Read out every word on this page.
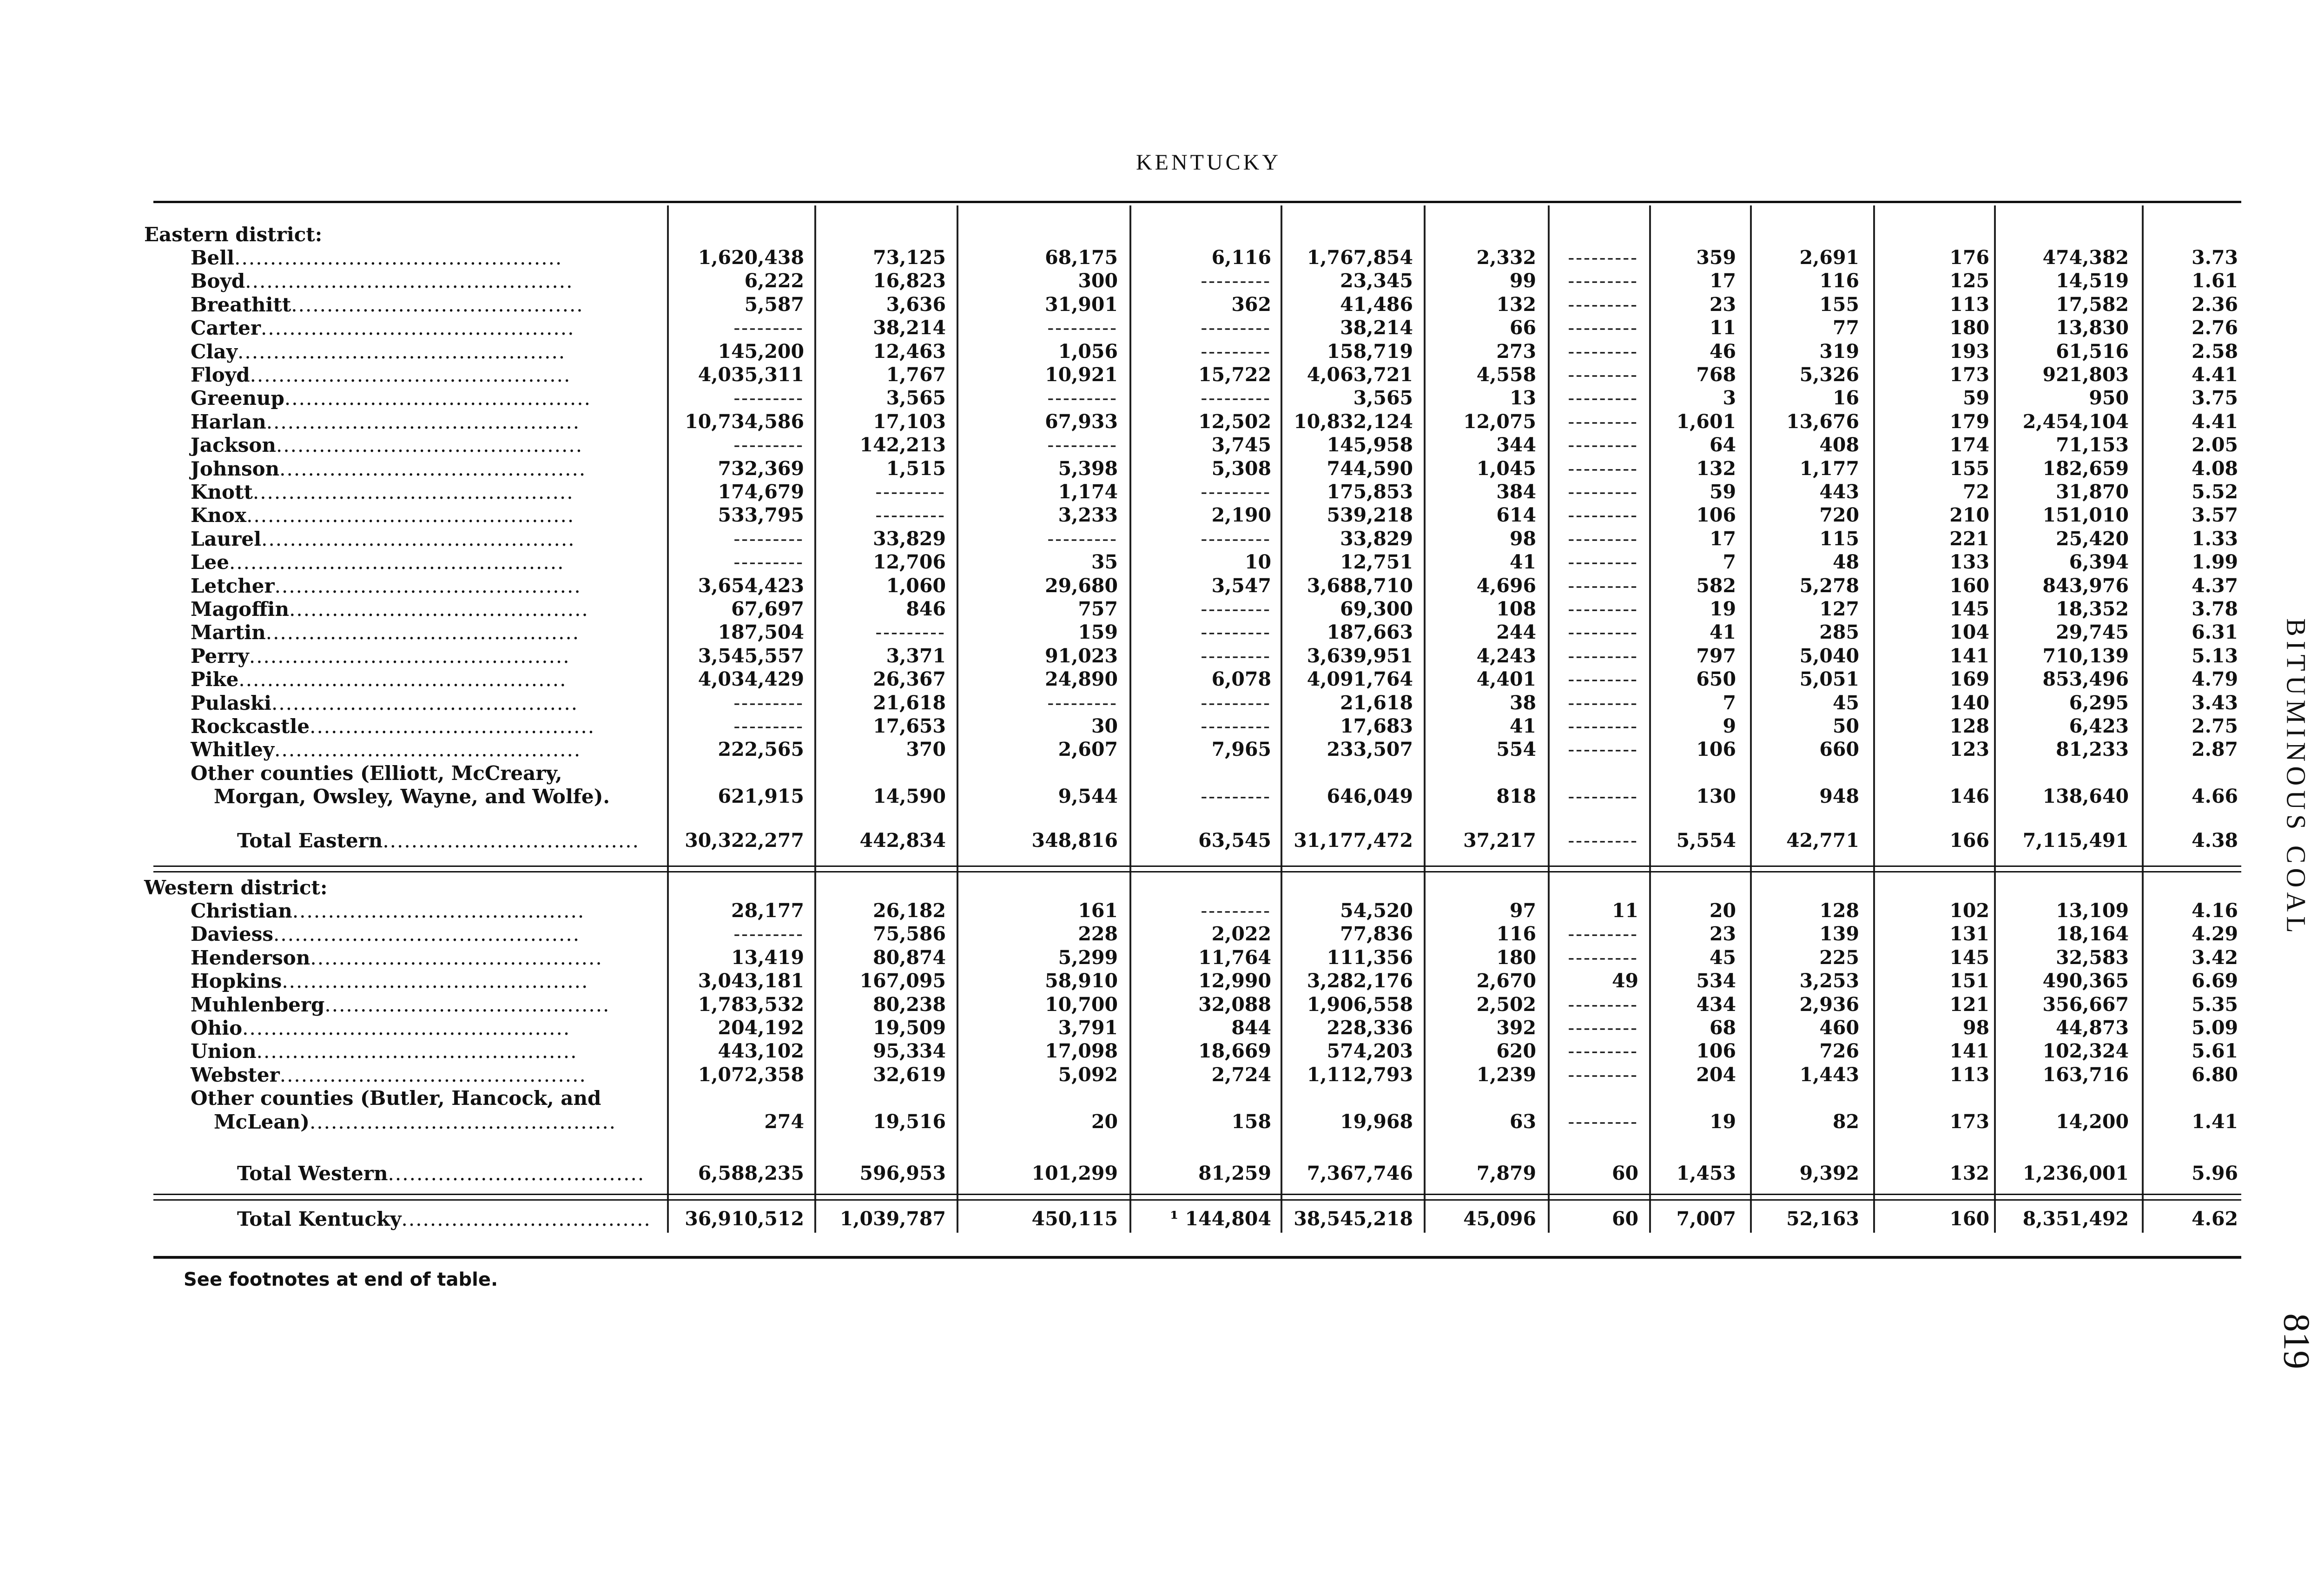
KENTUCKY
Eastern district:
Bell..............................................	1,620,438	73,125	68,175	6,116	1,767,854	2,332	---------	359	2,691	176	474,382	3.73
Boyd..............................................	6,222	16,823	300	---------	23,345	99	---------	17	116	125	14,519	1.61
Breathitt.........................................	5,587	3,636	31,901	362	41,486	132	---------	23	155	113	17,582	2.36
Carter............................................	---------	38,214	---------	---------	38,214	66	---------	11	77	180	13,830	2.76
Clay..............................................	145,200	12,463	1,056	---------	158,719	273	---------	46	319	193	61,516	2.58
Floyd.............................................	4,035,311	1,767	10,921	15,722	4,063,721	4,558	---------	768	5,326	173	921,803	4.41
Greenup...........................................	---------	3,565	---------	---------	3,565	13	---------	3	16	59	950	3.75
Harlan............................................	10,734,586	17,103	67,933	12,502	10,832,124	12,075	---------	1,601	13,676	179	2,454,104	4.41
Jackson...........................................	---------	142,213	---------	3,745	145,958	344	---------	64	408	174	71,153	2.05
Johnson...........................................	732,369	1,515	5,398	5,308	744,590	1,045	---------	132	1,177	155	182,659	4.08
Knott.............................................	174,679	---------	1,174	---------	175,853	384	---------	59	443	72	31,870	5.52
Knox..............................................	533,795	---------	3,233	2,190	539,218	614	---------	106	720	210	151,010	3.57
Laurel............................................	---------	33,829	---------	---------	33,829	98	---------	17	115	221	25,420	1.33
Lee...............................................	---------	12,706	35	10	12,751	41	---------	7	48	133	6,394	1.99
Letcher...........................................	3,654,423	1,060	29,680	3,547	3,688,710	4,696	---------	582	5,278	160	843,976	4.37
Magoffin..........................................	67,697	846	757	---------	69,300	108	---------	19	127	145	18,352	3.78
Martin............................................	187,504	---------	159	---------	187,663	244	---------	41	285	104	29,745	6.31
Perry.............................................	3,545,557	3,371	91,023	---------	3,639,951	4,243	---------	797	5,040	141	710,139	5.13
Pike..............................................	4,034,429	26,367	24,890	6,078	4,091,764	4,401	---------	650	5,051	169	853,496	4.79
Pulaski...........................................	---------	21,618	---------	---------	21,618	38	---------	7	45	140	6,295	3.43
Rockcastle........................................	---------	17,653	30	---------	17,683	41	---------	9	50	128	6,423	2.75
Whitley...........................................	222,565	370	2,607	7,965	233,507	554	---------	106	660	123	81,233	2.87
Other counties (Elliott, McCreary,
Morgan, Owsley, Wayne, and Wolfe).	621,915	14,590	9,544	---------	646,049	818	---------	130	948	146	138,640	4.66
Total Eastern....................................	30,322,277	442,834	348,816	63,545	31,177,472	37,217	---------	5,554	42,771	166	7,115,491	4.38
Western district:
Christian.........................................	28,177	26,182	161	---------	54,520	97	11	20	128	102	13,109	4.16
Daviess...........................................	---------	75,586	228	2,022	77,836	116	---------	23	139	131	18,164	4.29
Henderson.........................................	13,419	80,874	5,299	11,764	111,356	180	---------	45	225	145	32,583	3.42
Hopkins...........................................	3,043,181	167,095	58,910	12,990	3,282,176	2,670	49	534	3,253	151	490,365	6.69
Muhlenberg........................................	1,783,532	80,238	10,700	32,088	1,906,558	2,502	---------	434	2,936	121	356,667	5.35
Ohio..............................................	204,192	19,509	3,791	844	228,336	392	---------	68	460	98	44,873	5.09
Union.............................................	443,102	95,334	17,098	18,669	574,203	620	---------	106	726	141	102,324	5.61
Webster...........................................	1,072,358	32,619	5,092	2,724	1,112,793	1,239	---------	204	1,443	113	163,716	6.80
Other counties (Butler, Hancock, and
McLean)...........................................	274	19,516	20	158	19,968	63	---------	19	82	173	14,200	1.41
Total Western....................................	6,588,235	596,953	101,299	81,259	7,367,746	7,879	60	1,453	9,392	132	1,236,001	5.96
Total Kentucky...................................	36,910,512	1,039,787	450,115	¹ 144,804	38,545,218	45,096	60	7,007	52,163	160	8,351,492	4.62
BITUMINOUS COAL
819
See footnotes at end of table.
